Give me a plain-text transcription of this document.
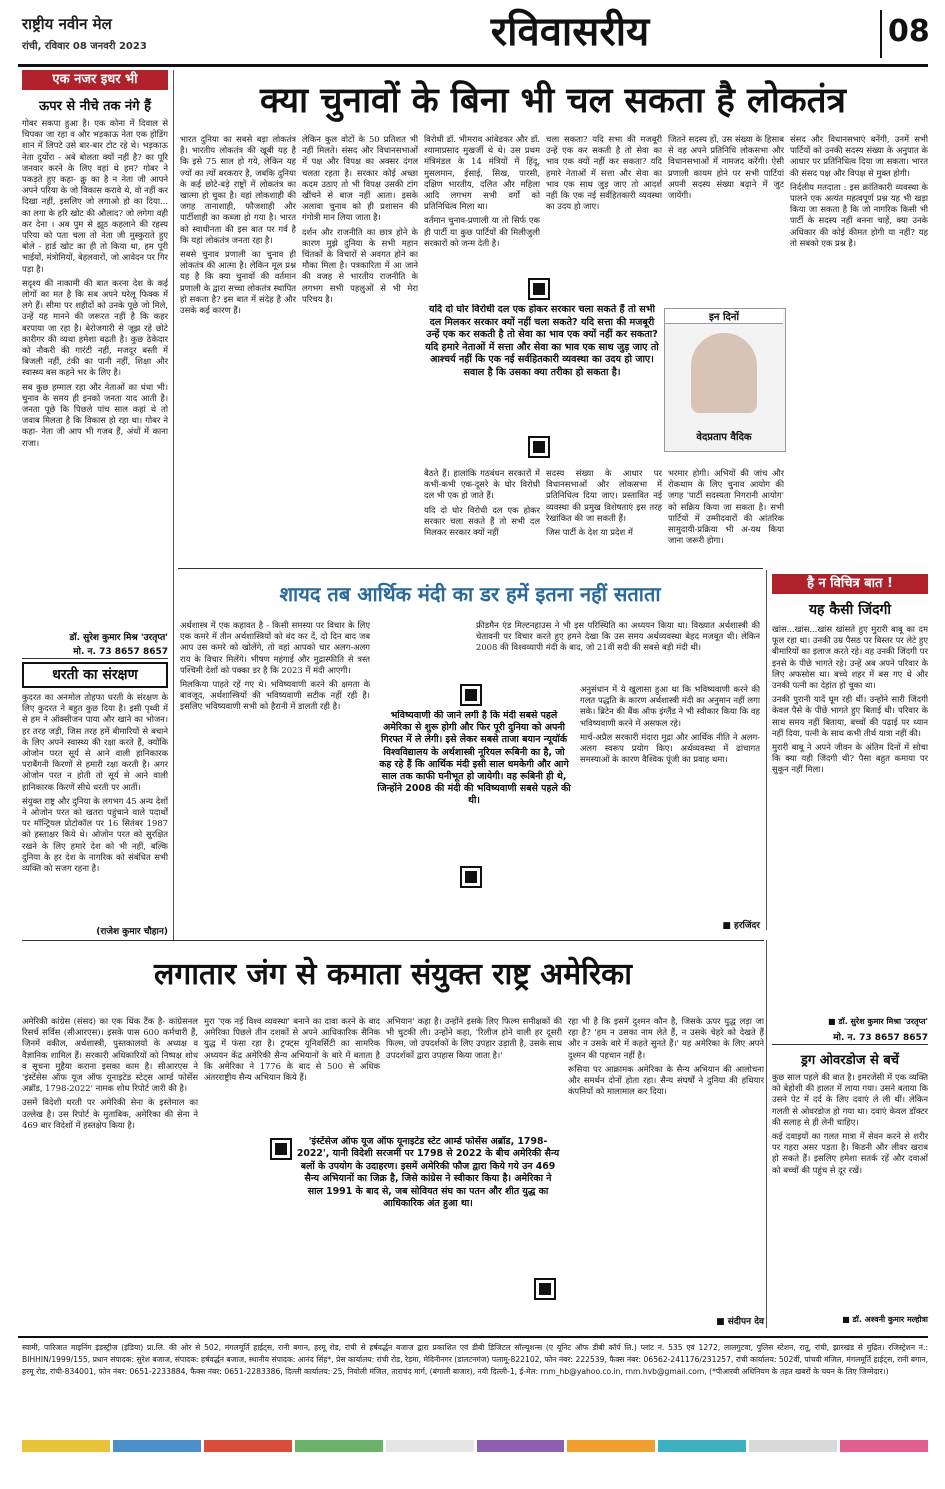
राष्ट्रीय नवीन मेल
रांची, रविवार 08 जनवरी 2023	रविवासरीय	08
एक नजर इधर भी
ऊपर से नीचे तक नंगे हैं

गोबर सकपा हुआ है। एक कोना में दिवाल से चिपका जा रहा व और भड़काऊ नेता एक होडिंग शान में लिपटे उसे बार-बार टोट रहे थे। भड़काऊ नेता दुर्योरा - अबे बोलता क्यों नहीं है? का पूरि जनवार करने के लिए वहां थे हम? गोबर ने पकड़ते हुए कहा- क्रु का है न नेता जी आपने अपने परिया के जो विकास करावे थे, वो नहीं कर दिखा नहीं, इसलिए जो लगाओ हो का दिया... का लगा के हरि खोट की औलाद? जो लगेगा वही कर देना । अब पुम से झूठ कहलाने की रहस्य परिया को पता चला तो नेता जी मुस्कुराते हुए बोले - हार्ड खोट का ही तो किया था, हम पूरी भाईयों, मंत्रोमियों, बेहलवारों, जो आवेदन पर गिर पड़ा है।

सदृश्य की नाकामी की बात करना देश के कई लोगों का मत है कि सब अपने घरेलू फिक्क में लगे हैं। सीमा पर शहीदों को उनके पूछे जो मिले, उन्हें यह मानने की जरूरत नहीं है कि कहर बरपाया जा रहा है। बेरोजगारी से जूझ रहे छोटे कारीगर की व्यथा हमेशा बढ़ती है। कुछ ठेकेदार को नौकरी की गारंटी नहीं, मजदूर बस्ती में बिजली नहीं, टंकी का पानी नहीं, शिक्षा और स्वास्थ्य बस कहने भर के लिए है।

सब कुछ हम्माल रहा और नेताओं का धंधा भी। चुनाव के समय ही इनको जनता याद आती है। जनता पूछे कि पिछले पांच साल कहां थे तो जवाब मिलता है कि विकास हो रहा था। गोबर ने कहा- नेता जी आप भी गजब हैं, अंधों में काना राजा।

डॉ. सुरेश कुमार मिश्र 'उरतृप्त'
मो. न. 73 8657 8657
धरती का संरक्षण

कुदरत का अनमोल तोहफा धरती के संरक्षण के लिए कुदरत ने बहुत कुछ दिया है। इसी पृथ्वी में से हम ने ऑक्सीजन पाया और खाने का भोजन। हर तरह जड़ी, जिस तरह हमें बीमारियों से बचाने के लिए अपने स्वास्थ्य की रक्षा करते हैं, क्योंकि ओजोन परत सूर्य से आने वाली हानिकारक पराबैंगनी किरणों से हमारी रक्षा करती है। अगर ओजोन परत न होती तो सूर्य से आने वाली हानिकारक किरणें सीधे धरती पर आतीं।

संयुक्त राष्ट्र और दुनिया के लगभग 45 अन्य देशों ने ओजोन परत को खतरा पहुंचाने वाले पदार्थों पर मॉन्ट्रियल प्रोटोकॉल पर 16 सितंबर 1987 को हस्ताक्षर किये थे। ओजोन परत को सुरक्षित रखने के लिए हमारे देश को भी नहीं, बल्कि दुनिया के हर देश के नागरिक को संबंधित सभी व्यक्ति को सजग रहना है।

(राजेश कुमार चौहान)
क्या चुनावों के बिना भी चल सकता है लोकतंत्र

भारत दुनिया का सबसे बड़ा लोकतंत्र है। भारतीय लोकतंत्र की खूबी यह है कि इसे 75 साल हो गये, लेकिन यह ज्यों का त्यों बरकरार है, जबकि दुनिया के कई छोटे-बड़े राष्ट्रों में लोकतंत्र का खात्मा हो चुका है। वहां लोकशाही की जगह तानाशाही, फौजशाही और पार्टीशाही का कब्जा हो गया है। भारत को स्वाधीनता की इस बात पर गर्व है कि यहां लोकतंत्र जनता रहा है।

सबसे चुनाव प्रणाली का चुनाव ही लोकतंत्र की आत्मा है। लेकिन मूल प्रश्न यह है कि क्या चुनावों की वर्तमान प्रणाली के द्वारा सच्चा लोकतंत्र स्थापित हो सकता है? इस बात में संदेह है और उसके कई कारण हैं।

लेकिन कुल वोटों के 50 प्रतिशत भी नहीं मिलते। संसद और विधानसभाओं में पक्ष और विपक्ष का अक्सर दंगल चलता रहता है। सरकार कोई अच्छा कदम उठाए तो भी विपक्ष उसकी टांग खींचने से बाज नहीं आता। इसके अलावा चुनाव को ही प्रशासन की गंगोत्री मान लिया जाता है।

दर्शन और राजनीति का छात्र होने के कारण मुझे दुनिया के सभी महान चिंतकों के विचारों से अवगत होने का मौका मिला है। पत्रकारिता में आ जाने की वजह से भारतीय राजनीति के लगभग सभी पहलुओं से भी मेरा परिचय है।

विरोधी डॉ. भीमराव आंबेडकर और डॉ. श्यामाप्रसाद मुखर्जी थे थे। उस प्रथम मंत्रिमंडल के 14 मंत्रियों में हिंदू, मुसलमान, ईसाई, सिख, पारसी, दक्षिण भारतीय, दलित और महिला आदि लगभग सभी वर्गों को प्रतिनिधित्व मिला था।

वर्तमान चुनाव-प्रणाली या तो सिर्फ एक ही पार्टी या कुछ पार्टियों की मिलीजुली सरकारों को जन्म देती है।

चला सकता? यदि सभा की मजबूरी उन्हें एक कर सकती है तो सेवा का भाव एक क्यों नहीं कर सकता? यदि हमारे नेताओं में सत्ता और सेवा का भाव एक साथ जुड़ जाए तो आदर्श नहीं कि एक नई सर्वहितकारी व्यवस्था का उदय हो जाए।

जितने सदस्य हों, उस संख्या के हिसाब से वह अपने प्रतिनिधि लोकसभा और विधानसभाओं में नामजद करेंगी। ऐसी प्रणाली कायम होने पर सभी पार्टियां अपनी सदस्य संख्या बढ़ाने में जुट जायेंगी।

संसद और विधानसभाएं बनेंगी, उनमें सभी पार्टियों को उनकी सदस्य संख्या के अनुपात के आधार पर प्रतिनिधित्व दिया जा सकता। भारत की संसद पक्ष और विपक्ष से मुक्त होगी।

निर्दलीय मतदाता : इस क्रांतिकारी व्यवस्था के पालने एक अत्यंत महत्वपूर्ण प्रश्न यह भी खड़ा किया जा सकता है कि जो नागरिक किसी भी पार्टी के सदस्य नहीं बनना चाहें, क्या उनके अधिकार की कोई कीमत होगी या नहीं? यह तो सबको एक प्रश्न है।

यदि दो घोर विरोधी दल एक होकर सरकार चला सकते हैं तो सभी दल मिलकर सरकार क्यों नहीं चला सकते? यदि सत्ता की मजबूरी उन्हें एक कर सकती है तो सेवा का भाव एक क्यों नहीं कर सकता? यदि हमारे नेताओं में सत्ता और सेवा का भाव एक साथ जुड़ जाए तो आश्चर्य नहीं कि एक नई सर्वहितकारी व्यवस्था का उदय हो जाए। सवाल है कि उसका क्या तरीका हो सकता है।
इन दिनों
वेदप्रताप वैदिक

बैठते हैं। हालांकि गठबंधन सरकारों में कभी-कभी एक-दूसरे के घोर विरोधी दल भी एक हो जाते हैं।

यदि दो घोर विरोधी दल एक होकर सरकार चला सकते हैं तो सभी दल मिलकर सरकार क्यों नहीं

सदस्य संख्या के आधार पर विधानसभाओं और लोकसभा में प्रतिनिधित्व दिया जाए। प्रस्तावित नई व्यवस्था की प्रमुख विशेषताएं इस तरह रेखांकित की जा सकती हैं।

जिस पार्टी के देश या प्रदेश में

भरमार होगी। अभियों की जांच और रोकथाम के लिए चुनाव आयोग की जगह 'पार्टी सदस्यता निगरानी आयोग' को सक्रिय किया जा सकता है। सभी पार्टियों में उम्मीदवारों की आंतरिक सामुदायी-प्रक्रिया भी अ-यथ किया जाना जरूरी होगा।

शायद तब आर्थिक मंदी का डर हमें इतना नहीं सताता

अर्थशास्त्र में एक कहावत है - किसी समस्या पर विचार के लिए एक कमरे में तीन अर्थशास्त्रियों को बंद कर दें, दो दिन बाद जब आप उस कमरे को खोलेंगे, तो वहां आपको चार अलग-अलग राय के विचार मिलेंगे। भीषण महंगाई और मुद्रास्फीति से त्रस्त पश्चिमी देशों को पक्का डर है कि 2023 में मंदी आएगी।

मिलकिया पाहते रहें गए थे। भविष्यवाणी करने की क्षमता के बावजूद, अर्थशास्त्रियों की भविष्यवाणी सटीक नहीं रही है। इसलिए भविष्यवाणी सभी को हैरानी में डालती रही है।

फ्रीडमैन एंड मिल्टनहाउस ने भी इस परिस्थिति का अध्ययन किया था। विख्यात अर्थशास्त्री की चेतावनी पर विचार करते हुए हमने देखा कि उस समय अर्थव्यवस्था बेहद मजबूत थी। लेकिन 2008 की विश्वव्यापी मंदी के बाद, जो 21वीं सदी की सबसे बड़ी मंदी थी।

भविष्यवाणी की जाने लगी है कि मंदी सबसे पहले अमेरिका से शुरू होगी और फिर पूरी दुनिया को अपनी गिरफ्त में ले लेगी। इसे लेकर सबसे ताजा बयान न्यूयॉर्क विश्वविद्यालय के अर्थशास्त्री नूरियल रूबिनी का है, जो कह रहे हैं कि आर्थिक मंदी इसी साल धमकेगी और आगे साल तक काफी घनीभूत हो जायेगी। वह रूबिनी ही थे, जिन्होंने 2008 की मंदी की भविष्यवाणी सबसे पहले की थी।

अनुसंधान में ये खुलासा हुआ था कि भविष्यवाणी करने की गलत पद्धति के कारण अर्थशास्त्री मंदी का अनुमान नहीं लगा सके। ब्रिटेन की बैंक ऑफ इंग्लैंड ने भी स्वीकार किया कि वह भविष्यवाणी करने में असफल रहे।

मार्च-अप्रैल सरकारी मंदारा मुद्रा और आर्थिक नीति ने अलग-अलग स्वरूप प्रयोग किए। अर्थव्यवस्था में ढांचागत समस्याओं के कारण वैश्विक पूंजी का प्रवाह थमा।

■ हरजिंदर
है न विचित्र बात !
यह कैसी जिंदगी

खांस...खांस...खांस खांसते हुए मुरारी बाबू का दम फूल रहा था। उनकी उम्र पैसठ पर बिस्तर पर लेटे हुए बीमारियों का इलाज करते रहे। वह उनकी जिंदगी पर इनसे के पीछे भागते रहे। उन्हें अब अपने परिवार के लिए अफसोस था। बच्चे शहर में बस गए थे और उनकी पत्नी का देहांत हो चुका था।

उनकी पुरानी यादें घूम रही थीं। उन्होंने सारी जिंदगी केवल पैसे के पीछे भागते हुए बिताई थी। परिवार के साथ समय नहीं बिताया, बच्चों की पढ़ाई पर ध्यान नहीं दिया, पत्नी के साथ कभी तीर्थ यात्रा नहीं की।

मुरारी बाबू ने अपने जीवन के अंतिम दिनों में सोचा कि क्या यही जिंदगी थी? पैसा बहुत कमाया पर सुकून नहीं मिला।

■ डॉ. सुरेश कुमार मिश्रा 'उरतृप्त'
मो. न. 73 8657 8657
ड्रग ओवरडोज से बचें

कुछ साल पहले की बात है। इमरजेंसी में एक व्यक्ति को बेहोशी की हालत में लाया गया। उसने बताया कि उसने पेट में दर्द के लिए दवाएं ले ली थीं। लेकिन गलती से ओवरडोज हो गया था। दवाएं केवल डॉक्टर की सलाह से ही लेनी चाहिए।

कई दवाइयों का गलत मात्रा में सेवन करने से शरीर पर गहरा असर पड़ता है। किडनी और लीवर खराब हो सकते हैं। इसलिए हमेशा सतर्क रहें और दवाओं को बच्चों की पहुंच से दूर रखें।

■ डॉ. अश्वनी कुमार मल्होत्रा
लगातार जंग से कमाता संयुक्त राष्ट्र अमेरिका

अमेरिकी कांग्रेस (संसद) का एक थिंक टैंक है- कांग्रेसनल रिसर्च सर्विस (सीआरएस)। इसके पास 600 कर्मचारी हैं, जिनमें वकील, अर्थशास्त्री, पुस्तकालयों के अध्यक्ष व वैज्ञानिक शामिल हैं। सरकारी अधिकारियों को निष्पक्ष शोध व सूचना मुहैया कराना इसका काम है। सीआरएस ने 'इंस्टेंसेस ऑफ यूज ऑफ यूनाइटेड स्टेट्स आर्म्ड फोर्सेस अब्रॉड, 1798-2022' नामक शोध रिपोर्ट जारी की है।

उसमें विदेशी धरती पर अमेरिकी सेना के इस्तेमाल का उल्लेख है। उस रिपोर्ट के मुताबिक, अमेरिका की सेना ने 469 बार विदेशों में हस्तक्षेप किया है।

मुरा 'एक नई विश्व व्यवस्था' बनाने का दावा करने के बाद अमेरिका पिछले तीन दशकों से अपने आधिकारिक सैनिक युद्ध में फंसा रहा है। ट्रफ्ट्स यूनिवर्सिटी का सामरिक अध्ययन केंद्र अमेरिकी सैन्य अभियानों के बारे में बताता है कि अमेरिका ने 1776 के बाद से 500 से अधिक अंतरराष्ट्रीय सैन्य अभियान किये हैं।

अभियान' कहा है। उन्होंने इसके लिए फिल्म समीक्षकों की भी चुटकी ली। उन्होंने कहा, 'रिलीज होने वाली हर दूसरी फिल्म, जो उपदर्शकों के लिए उपहार उड़ाती है, उसके साथ उपदर्शकों द्वारा उपहास किया जाता है।'

रहा भी है कि इसमें दुश्मन कौन है, जिसके ऊपर युद्ध लड़ा जा रहा है? 'हम न उसका नाम लेते हैं, न उसके चेहरे को देखते हैं और न उसके बारे में कहते सुनते हैं।' यह अमेरिका के लिए अपने दुश्मन की पहचान नहीं है।

रूसिया पर आक्रामक अमेरिका के सैन्य अभियान की आलोचना और समर्थन दोनों होता रहा। सैन्य संघर्षों ने दुनिया की हथियार कंपनियों को मालामाल कर दिया।

'इंस्टेंसेज ऑफ यूज ऑफ यूनाइटेड स्टेट आर्म्ड फोर्सेस अब्रॉड, 1798-2022', यानी विदेशी सरजमीं पर 1798 से 2022 के बीच अमेरिकी सैन्य बलों के उपयोग के उदाहरण। इसमें अमेरिकी फौज द्वारा किये गये उन 469 सैन्य अभियानों का जिक्र है, जिसे कांग्रेस ने स्वीकार किया है। अमेरिका ने साल 1991 के बाद से, जब सोवियत संघ का पतन और शीत युद्ध का आधिकारिक अंत हुआ था।
■ संदीपन देव
स्वामी, पारिजात माइनिंग इंडस्ट्रीज (इंडिया) प्रा.लि. की ओर से 502, मंगलमूर्ति हाईट्स, रानी बगान, हरमू रोड, रांची से हर्षवर्द्धन बजाज द्वारा प्रकाशित एवं डीबी डिजिटल सॉल्यूशन्स (ए यूनिट ऑफ डीबी कॉर्प लि.) प्लांट नं. 535 एवं 1272, लालगुटवा, पुलिस स्टेशन, रातू, रांची, झारखंड से मुद्रित। रजिस्ट्रेशन नं.: BIHHIN/1999/155, प्रधान संपादक: सुरेश बजाज, संपादक: हर्षवर्द्धन बजाज, स्थानीय संपादक: आनंद सिंह*, प्रेस कार्यालय: रांची रोड, रेड़मा, मेदिनीनगर (डालटनगंज) पलामू-822102, फोन नंबर: 222539, फैक्स नंबर: 06562-241176/231257, रांची कार्यालय: 502वीं, पांचवी मंजिल, मंगलमूर्ति हाईट्स, रानी बगान, हरमू रोड, रांची-834001, फोन नंबर: 0651-2233884, फैक्स नंबर: 0651-2283386, दिल्ली कार्यालय: 25, नियोली मंजिल, ताराचंद मार्ग, (बंगाली बाजार), नयी दिल्ली-1, ई-मेल: rnm_hb@yahoo.co.in, rnm.hvb@gmail.com, (*पीआरबी अधिनियम के तहत खबरों के चयन के लिए जिम्मेदार।)
